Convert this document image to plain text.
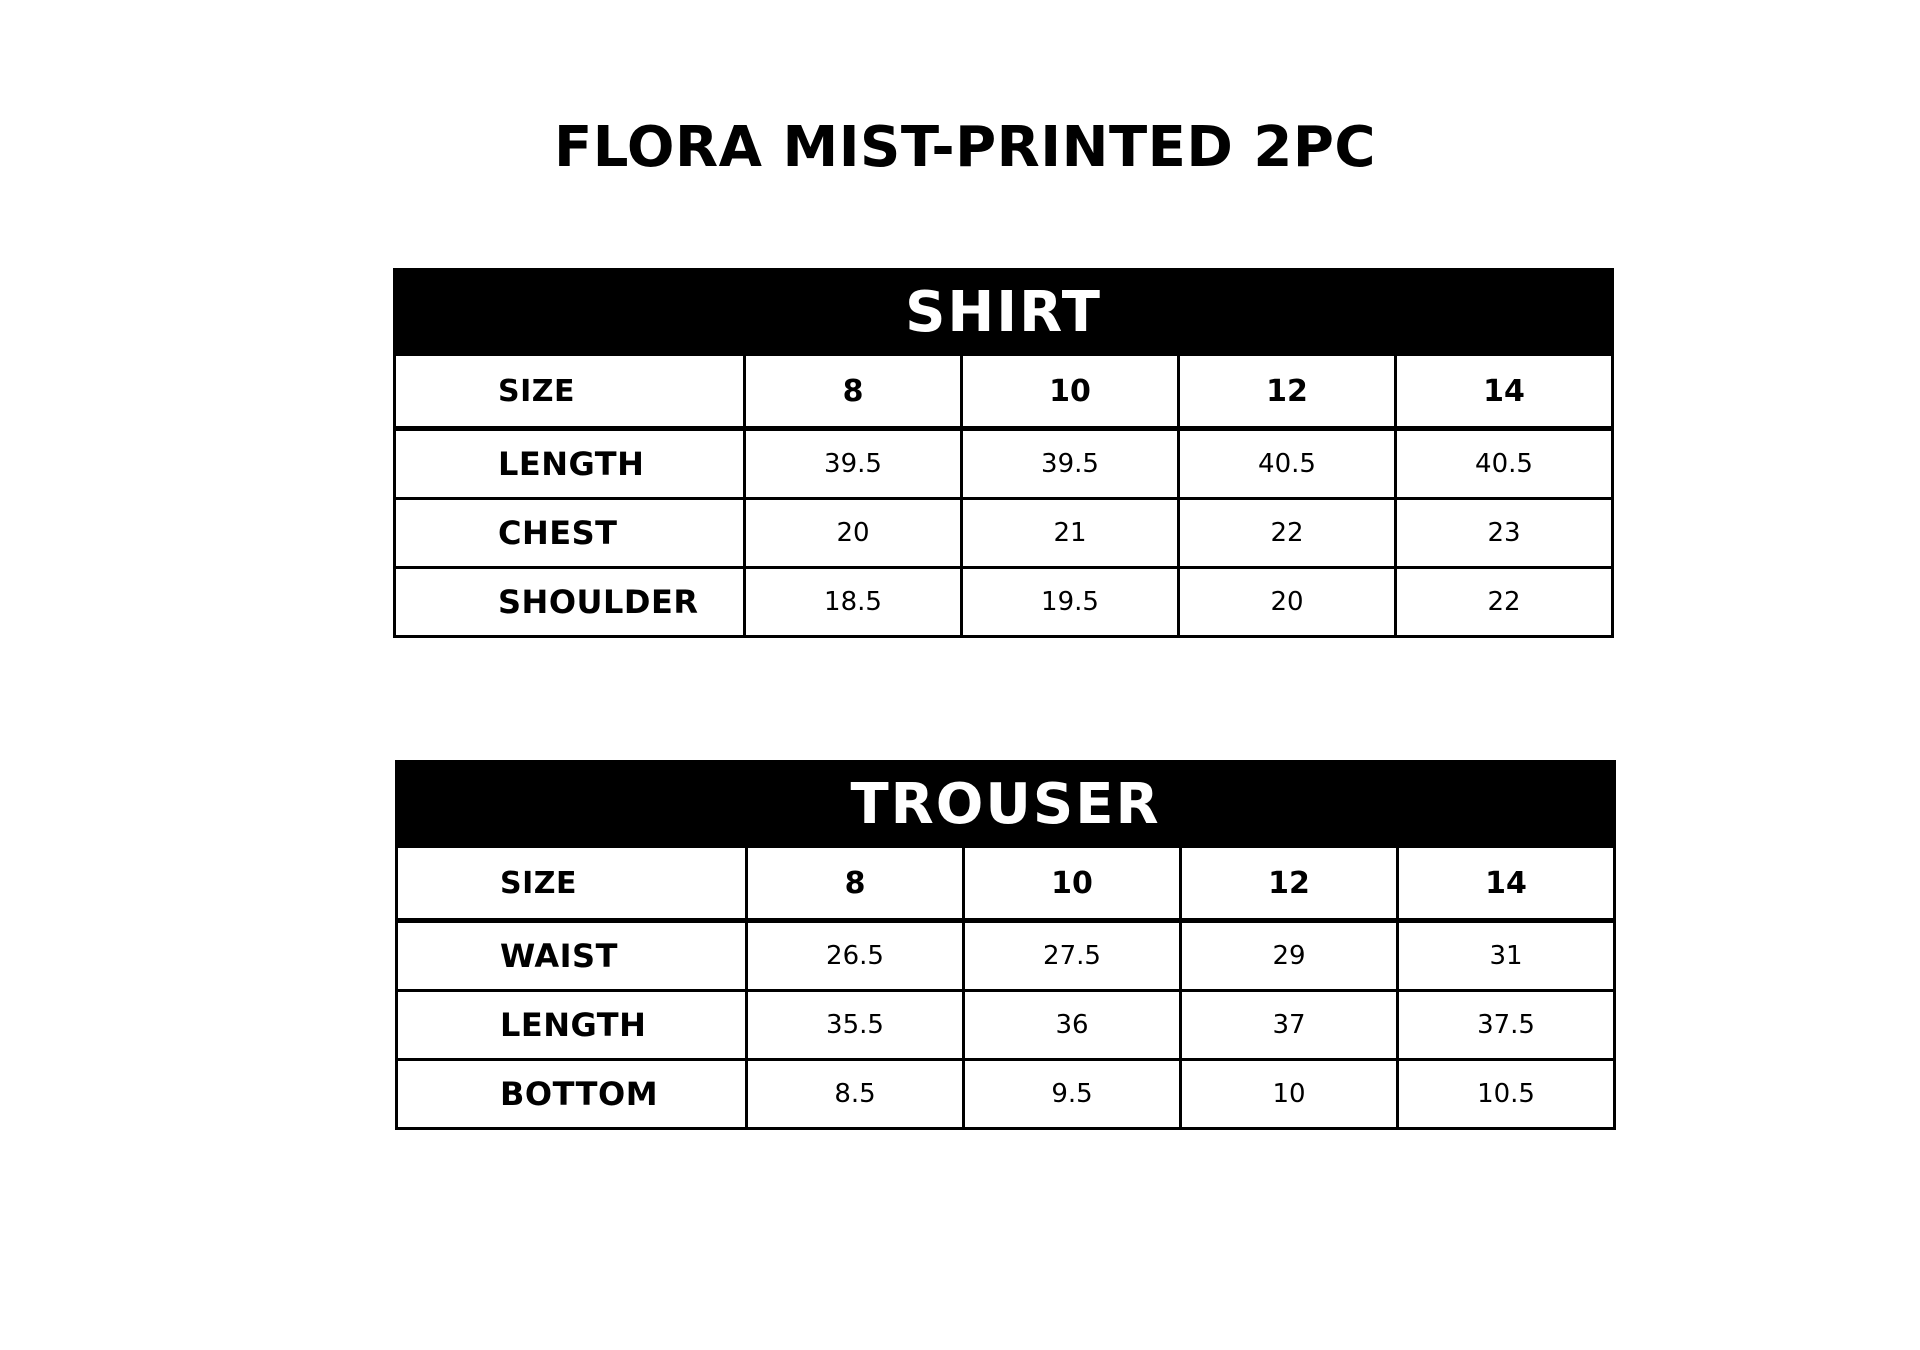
FLORA MIST-PRINTED 2PC
SHIRT				
SIZE	8	10	12	14
LENGTH	39.5	39.5	40.5	40.5
CHEST	20	21	22	23
SHOULDER	18.5	19.5	20	22
TROUSER				
SIZE	8	10	12	14
WAIST	26.5	27.5	29	31
LENGTH	35.5	36	37	37.5
BOTTOM	8.5	9.5	10	10.5
